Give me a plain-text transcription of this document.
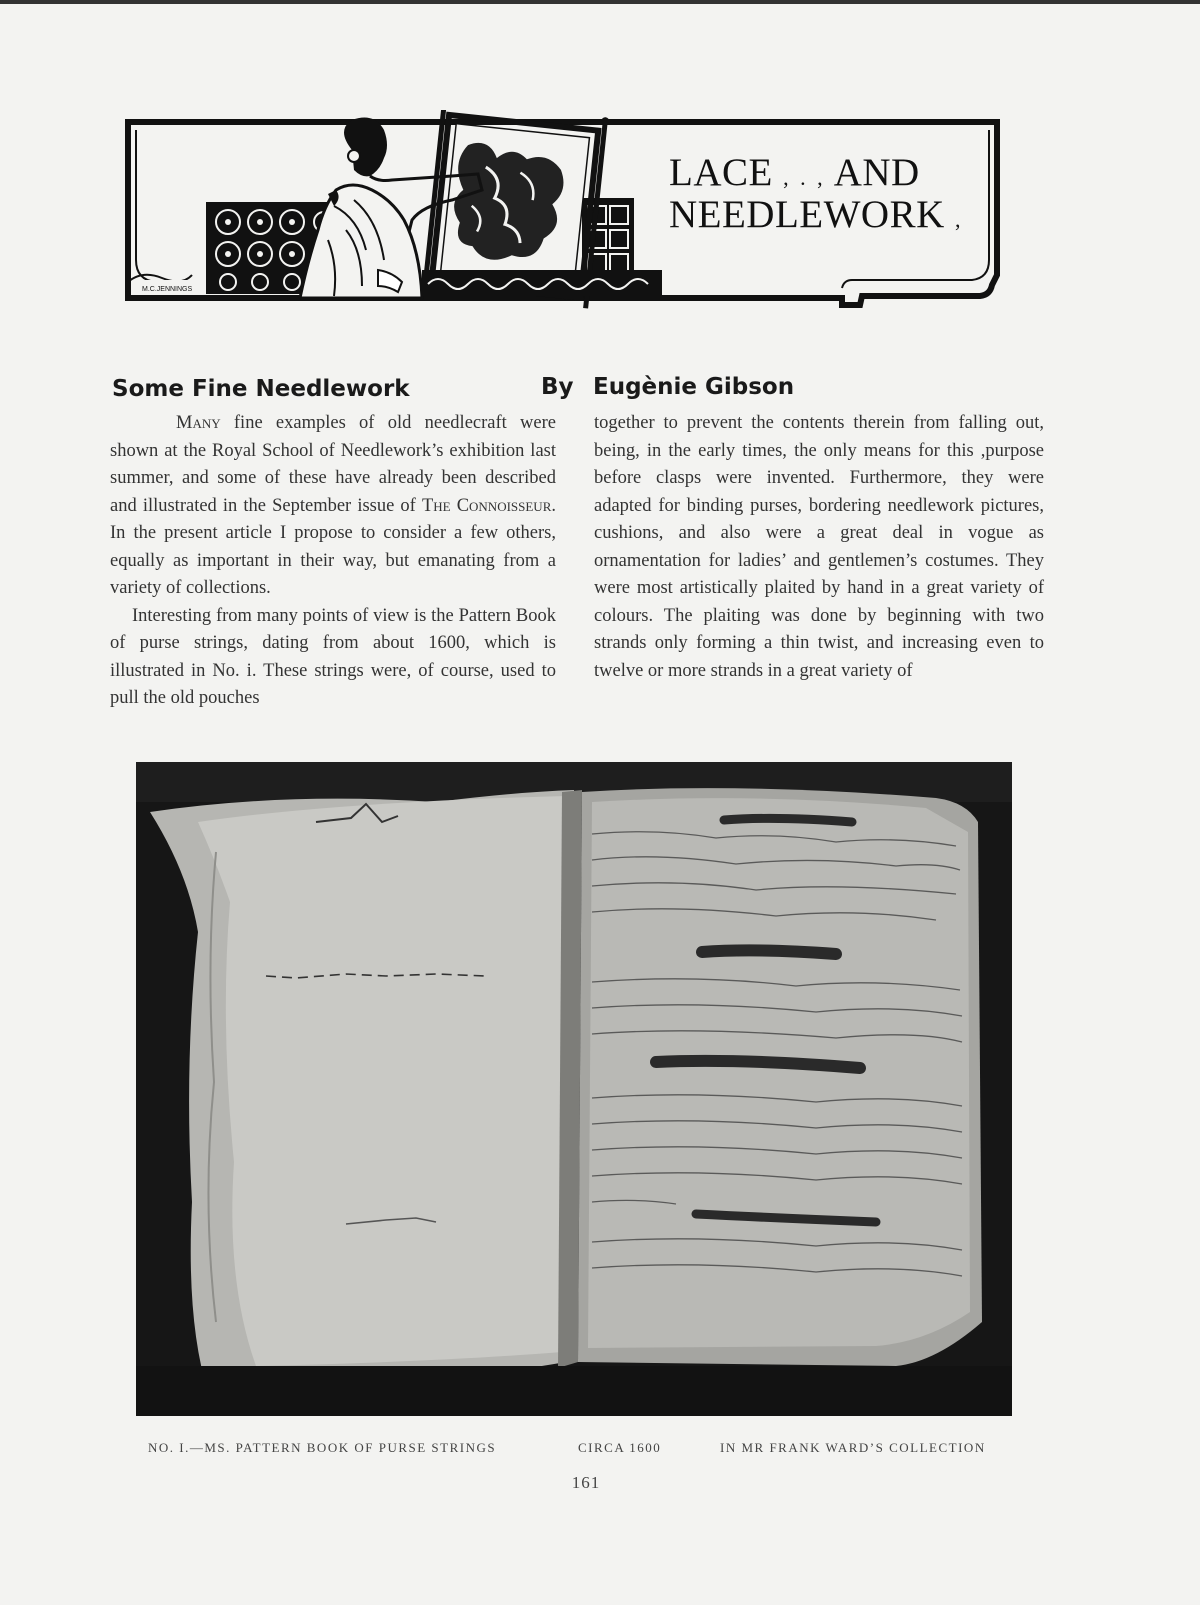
M.C.JENNINGS
LACE , . , AND
NEEDLEWORK ,
Some Fine Needlework	By Eugènie Gibson

Many fine examples of old needlecraft were shown at the Royal School of Needlework’s exhibition last summer, and some of these have already been described and illustrated in the September issue of The Connoisseur. In the present article I propose to consider a few others, equally as important in their way, but emanating from a variety of collections.

Interesting from many points of view is the Pattern Book of purse strings, dating from about 1600, which is illustrated in No. i. These strings were, of course, used to pull the old pouches

together to prevent the contents therein from falling out, being, in the early times, the only means for this ,purpose before clasps were invented. Furthermore, they were adapted for binding purses, bordering needlework pictures, cushions, and also were a great deal in vogue as ornamentation for ladies’ and gentlemen’s costumes. They were most artistically plaited by hand in a great variety of colours. The plaiting was done by beginning with two strands only forming a thin twist, and increasing even to twelve or more strands in a great variety of

NO. I.—MS. PATTERN BOOK OF PURSE STRINGS	CIRCA 1600	IN MR FRANK WARD’S COLLECTION
161
